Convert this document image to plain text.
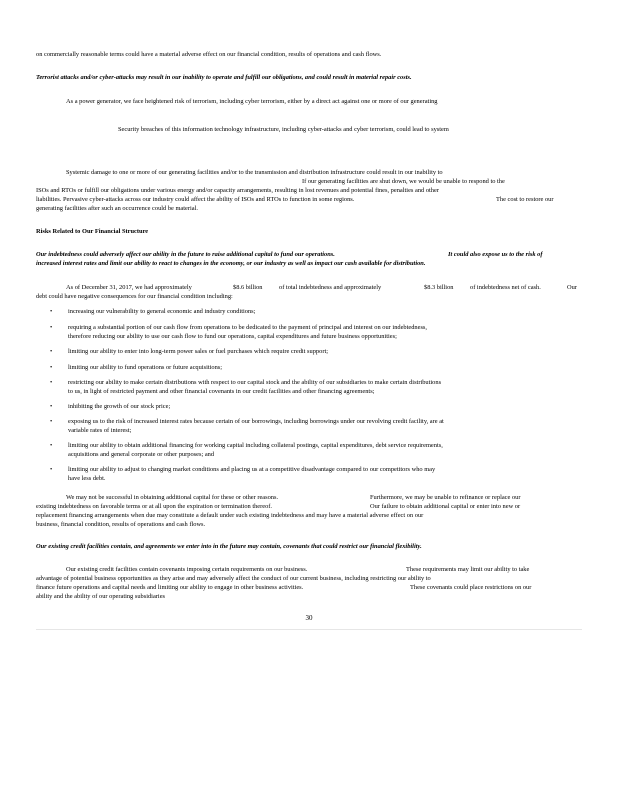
on commercially reasonable terms could have a material adverse effect on our financial condition, results of operations and cash flows.
Terrorist attacks and/or cyber-attacks may result in our inability to operate and fulfill our obligations, and could result in material repair costs.
As a power generator, we face heightened risk of terrorism, including cyber terrorism, either by a direct act against one or more of our generating
Security breaches of this information technology infrastructure, including cyber-attacks and cyber terrorism, could lead to system
Systemic damage to one or more of our generating facilities and/or to the transmission and distribution infrastructure could result in our inability to
If our generating facilities are shut down, we would be unable to respond to the
ISOs and RTOs or fulfill our obligations under various energy and/or capacity arrangements, resulting in lost revenues and potential fines, penalties and other
liabilities. Pervasive cyber-attacks across our industry could affect the ability of ISOs and RTOs to function in some regions.	The cost to restore our
generating facilities after such an occurrence could be material.
Risks Related to Our Financial Structure
Our indebtedness could adversely affect our ability in the future to raise additional capital to fund our operations.	It could also expose us to the risk of
increased interest rates and limit our ability to react to changes in the economy, or our industry as well as impact our cash available for distribution.
As of December 31, 2017, we had approximately	$8.6 billion	of total indebtedness and approximately	$8.3 billion	of indebtedness net of cash.	Our
debt could have negative consequences for our financial condition including:
• increasing our vulnerability to general economic and industry conditions;
• requiring a substantial portion of our cash flow from operations to be dedicated to the payment of principal and interest on our indebtedness,
therefore reducing our ability to use our cash flow to fund our operations, capital expenditures and future business opportunities;
• limiting our ability to enter into long-term power sales or fuel purchases which require credit support;
• limiting our ability to fund operations or future acquisitions;
• restricting our ability to make certain distributions with respect to our capital stock and the ability of our subsidiaries to make certain distributions
to us, in light of restricted payment and other financial covenants in our credit facilities and other financing agreements;
• inhibiting the growth of our stock price;
• exposing us to the risk of increased interest rates because certain of our borrowings, including borrowings under our revolving credit facility, are at
variable rates of interest;
• limiting our ability to obtain additional financing for working capital including collateral postings, capital expenditures, debt service requirements,
acquisitions and general corporate or other purposes; and
• limiting our ability to adjust to changing market conditions and placing us at a competitive disadvantage compared to our competitors who may
have less debt.
We may not be successful in obtaining additional capital for these or other reasons.	Furthermore, we may be unable to refinance or replace our
existing indebtedness on favorable terms or at all upon the expiration or termination thereof.	Our failure to obtain additional capital or enter into new or
replacement financing arrangements when due may constitute a default under such existing indebtedness and may have a material adverse effect on our
business, financial condition, results of operations and cash flows.
Our existing credit facilities contain, and agreements we enter into in the future may contain, covenants that could restrict our financial flexibility.
Our existing credit facilities contain covenants imposing certain requirements on our business.	These requirements may limit our ability to take
advantage of potential business opportunities as they arise and may adversely affect the conduct of our current business, including restricting our ability to
finance future operations and capital needs and limiting our ability to engage in other business activities.	These covenants could place restrictions on our
ability and the ability of our operating subsidiaries
30
